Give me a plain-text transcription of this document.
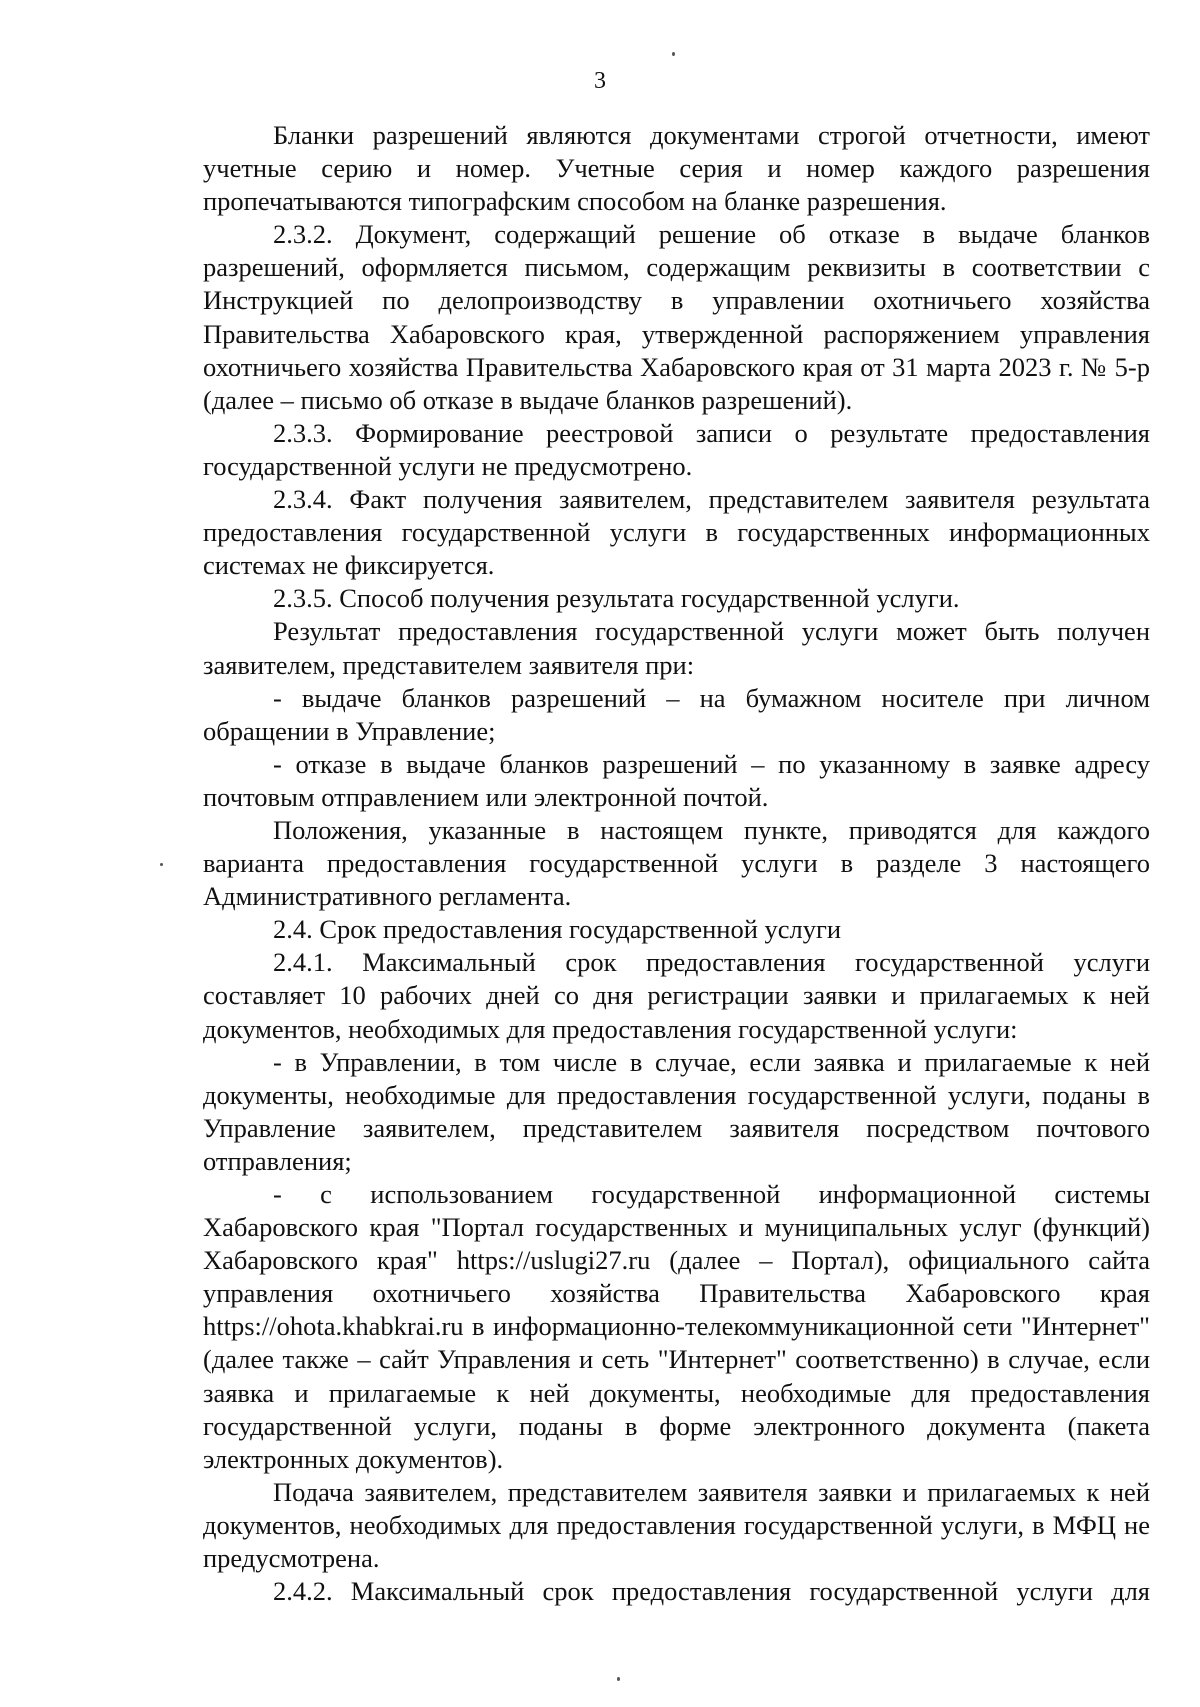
3

Бланки разрешений являются документами строгой отчетности, имеют учетные серию и номер. Учетные серия и номер каждого разрешения пропечатываются типографским способом на бланке разрешения.

2.3.2. Документ, содержащий решение об отказе в выдаче бланков разрешений, оформляется письмом, содержащим реквизиты в соответствии с Инструкцией по делопроизводству в управлении охотничьего хозяйства Правительства Хабаровского края, утвержденной распоряжением управления охотничьего хозяйства Правительства Хабаровского края от 31 марта 2023 г. № 5-р (далее – письмо об отказе в выдаче бланков разрешений).

2.3.3. Формирование реестровой записи о результате предоставления государственной услуги не предусмотрено.

2.3.4. Факт получения заявителем, представителем заявителя результата предоставления государственной услуги в государственных информационных системах не фиксируется.

2.3.5. Способ получения результата государственной услуги.

Результат предоставления государственной услуги может быть получен заявителем, представителем заявителя при:

- выдаче бланков разрешений – на бумажном носителе при личном обращении в Управление;

- отказе в выдаче бланков разрешений – по указанному в заявке адресу почтовым отправлением или электронной почтой.

Положения, указанные в настоящем пункте, приводятся для каждого варианта предоставления государственной услуги в разделе 3 настоящего Административного регламента.

2.4. Срок предоставления государственной услуги

2.4.1. Максимальный срок предоставления государственной услуги составляет 10 рабочих дней со дня регистрации заявки и прилагаемых к ней документов, необходимых для предоставления государственной услуги:

- в Управлении, в том числе в случае, если заявка и прилагаемые к ней документы, необходимые для предоставления государственной услуги, поданы в Управление заявителем, представителем заявителя посредством почтового отправления;

- с использованием государственной информационной системы Хабаровского края "Портал государственных и муниципальных услуг (функций) Хабаровского края" https://uslugi27.ru (далее – Портал), официального сайта управления охотничьего хозяйства Правительства Хабаровского края https://ohota.khabkrai.ru в информационно-телекоммуникационной сети "Интернет" (далее также – сайт Управления и сеть "Интернет" соответственно) в случае, если заявка и прилагаемые к ней документы, необходимые для предоставления государственной услуги, поданы в форме электронного документа (пакета электронных документов).

Подача заявителем, представителем заявителя заявки и прилагаемых к ней документов, необходимых для предоставления государственной услуги, в МФЦ не предусмотрена.

2.4.2. Максимальный срок предоставления государственной услуги для
